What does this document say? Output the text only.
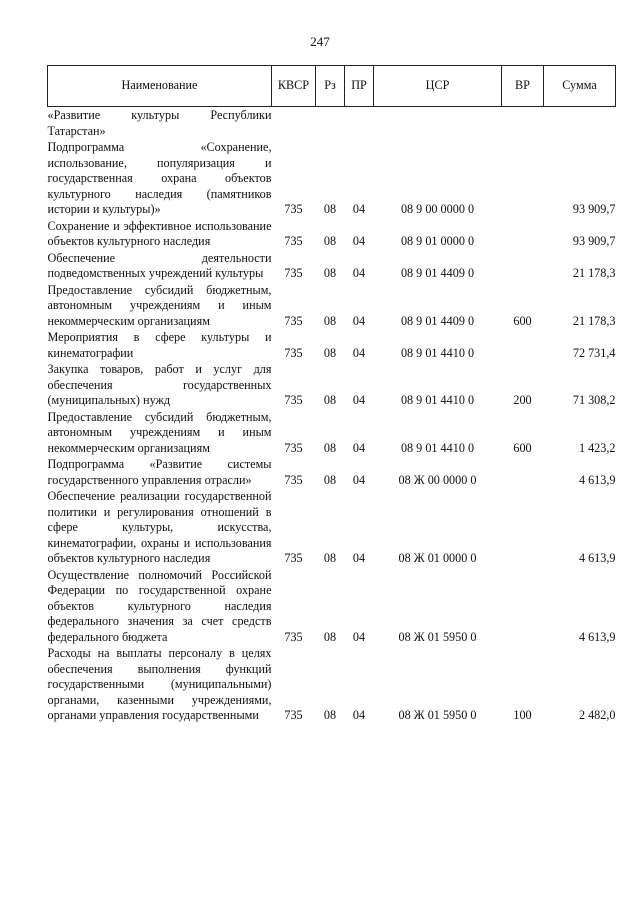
247
Наименование	КВСР	Рз	ПР	ЦСР	ВР	Сумма
«Развитие культуры Республики Татарстан»						
Подпрограмма «Сохранение, использование, популяризация и государственная охрана объектов культурного наследия (памятников истории и культуры)»	735	08	04	08 9 00 0000 0		93 909,7
Сохранение и эффективное использование объектов культурного наследия	735	08	04	08 9 01 0000 0		93 909,7
Обеспечение деятельности подведомственных учреждений культуры	735	08	04	08 9 01 4409 0		21 178,3
Предоставление субсидий бюджетным, автономным учреждениям и иным некоммерческим организациям	735	08	04	08 9 01 4409 0	600	21 178,3
Мероприятия в сфере культуры и кинематографии	735	08	04	08 9 01 4410 0		72 731,4
Закупка товаров, работ и услуг для обеспечения государственных (муниципальных) нужд	735	08	04	08 9 01 4410 0	200	71 308,2
Предоставление субсидий бюджетным, автономным учреждениям и иным некоммерческим организациям	735	08	04	08 9 01 4410 0	600	1 423,2
Подпрограмма «Развитие системы государственного управления отрасли»	735	08	04	08 Ж 00 0000 0		4 613,9
Обеспечение реализации государственной политики и регулирования отношений в сфере культуры, искусства, кинематографии, охраны и использования объектов культурного наследия	735	08	04	08 Ж 01 0000 0		4 613,9
Осуществление полномочий Российской Федерации по государственной охране объектов культурного наследия федерального значения за счет средств федерального бюджета	735	08	04	08 Ж 01 5950 0		4 613,9
Расходы на выплаты персоналу в целях обеспечения выполнения функций государственными (муниципальными) органами, казенными учреждениями, органами управления государственными	735	08	04	08 Ж 01 5950 0	100	2 482,0
